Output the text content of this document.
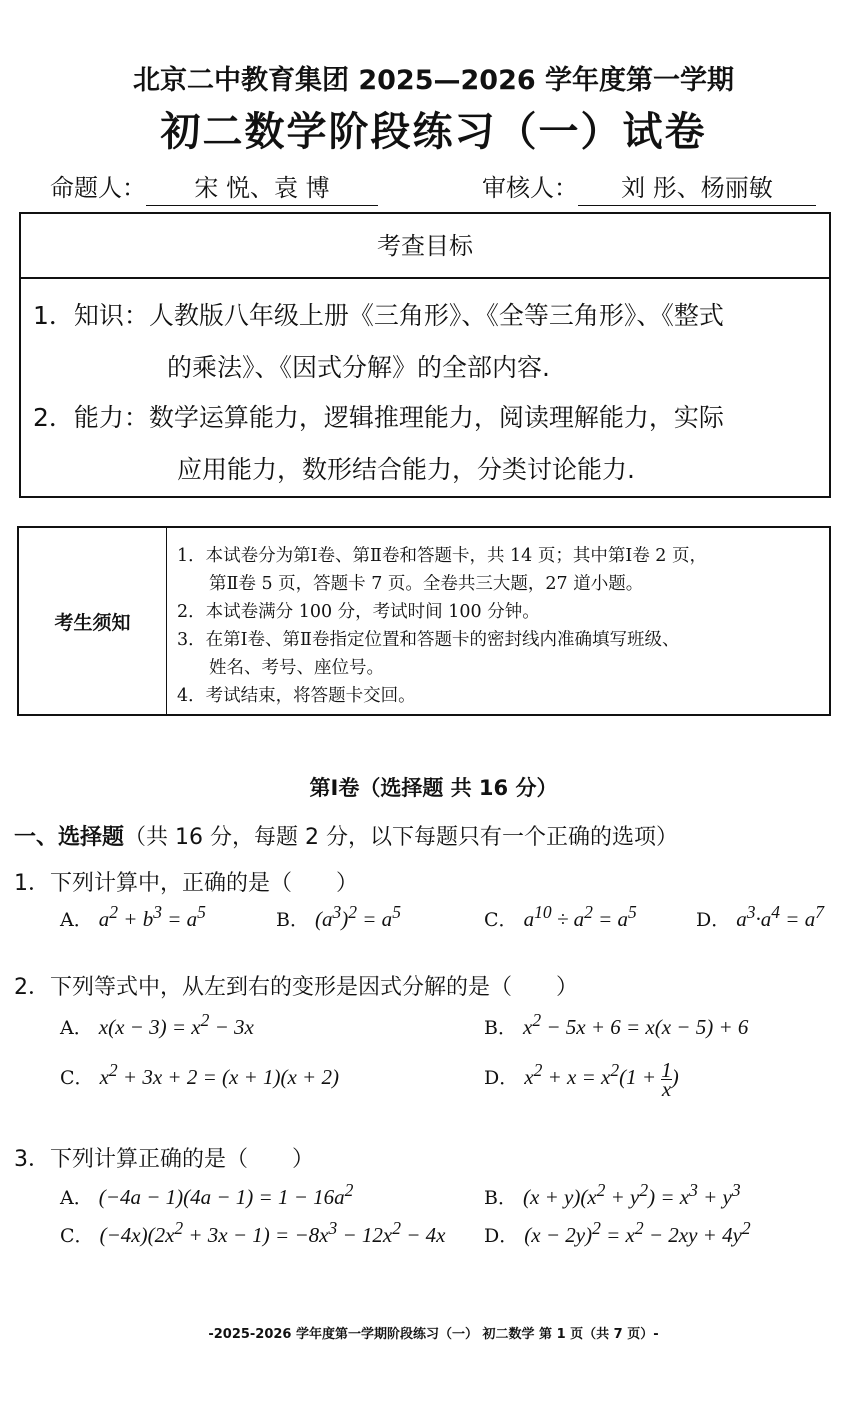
北京二中教育集团 2025—2026 学年度第一学期
初二数学阶段练习（一）试卷
命题人： 宋 悦、袁 博	审核人： 刘 彤、杨丽敏
考查目标
1．知识：人教版八年级上册《三角形》、《全等三角形》、《整式
的乘法》、《因式分解》的全部内容.
2．能力：数学运算能力，逻辑推理能力，阅读理解能力，实际
应用能力，数形结合能力，分类讨论能力.
考生须知
1．本试卷分为第Ⅰ卷、第Ⅱ卷和答题卡，共 14 页；其中第Ⅰ卷 2 页，
第Ⅱ卷 5 页，答题卡 7 页。全卷共三大题，27 道小题。
2．本试卷满分 100 分，考试时间 100 分钟。
3．在第Ⅰ卷、第Ⅱ卷指定位置和答题卡的密封线内准确填写班级、
姓名、考号、座位号。
4．考试结束，将答题卡交回。
第Ⅰ卷（选择题 共 16 分）
一、选择题（共 16 分，每题 2 分，以下每题只有一个正确的选项）
1．下列计算中，正确的是（　　）
A． $a^2 + b^3 = a^5$	B． $(a^3)^2 = a^5$	C． $a^{10} \div a^2 = a^5$	D． $a^3\cdot a^4 = a^7$
2．下列等式中，从左到右的变形是因式分解的是（　　）
A． $x(x - 3) = x^2 - 3x$	B． $x^2 - 5x + 6 = x(x - 5) + 6$
C． $x^2 + 3x + 2 = (x + 1)(x + 2)$	D． $x^2 + x = x^2(1 + \frac{1}{x}$ )
3．下列计算正确的是（　　）
A． $(-4a - 1)(4a - 1) = 1 - 16a^2$	B． $(x + y)(x^2 + y^2) = x^3 + y^3$
C． $(-4x)(2x^2 + 3x - 1) = -8x^3 - 12x^2 - 4x$ D． $(x - 2y)^2 = x^2 - 2xy + 4y^2$
-2025-2026 学年度第一学期阶段练习（一） 初二数学 第 1 页（共 7 页）-
